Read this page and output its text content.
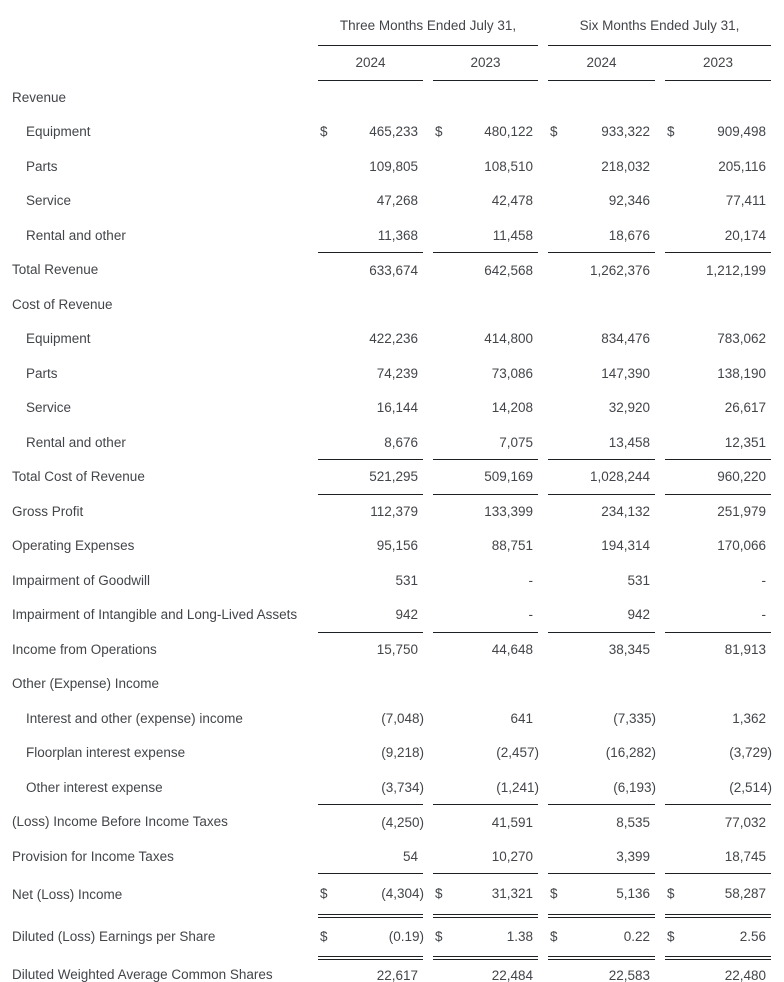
	Three Months Ended July 31,				Six Months Ended July 31,		
	2024		2023		2024		2023
Revenue	

Equipment	$ 465,233		$ 480,122		$ 933,322		$ 909,498

Parts	109,805		108,510		218,032		205,116

Service	47,268		42,478		92,346		77,411

Rental and other	11,368		11,458		18,676		20,174

Total Revenue	633,674		642,568		1,262,376		1,212,199

Cost of Revenue	

Equipment	422,236		414,800		834,476		783,062

Parts	74,239		73,086		147,390		138,190

Service	16,144		14,208		32,920		26,617

Rental and other	8,676		7,075		13,458		12,351

Total Cost of Revenue	521,295		509,169		1,028,244		960,220

Gross Profit	112,379		133,399		234,132		251,979

Operating Expenses	95,156		88,751		194,314		170,066

Impairment of Goodwill	531		-		531		-

Impairment of Intangible and Long-Lived Assets	942		-		942		-

Income from Operations	15,750		44,648		38,345		81,913

Other (Expense) Income	

Interest and other (expense) income	(7,048)		641		(7,335)		1,362

Floorplan interest expense	(9,218)		(2,457)		(16,282)		(3,729)

Other interest expense	(3,734)		(1,241)		(6,193)		(2,514)

(Loss) Income Before Income Taxes	(4,250)		41,591		8,535		77,032

Provision for Income Taxes	54		10,270		3,399		18,745

Net (Loss) Income	$ (4,304)		$ 31,321		$ 5,136		$ 58,287

Diluted (Loss) Earnings per Share	$ (0.19)		$ 1.38		$ 0.22		$ 2.56

Diluted Weighted Average Common Shares	22,617		22,484		22,583		22,480
